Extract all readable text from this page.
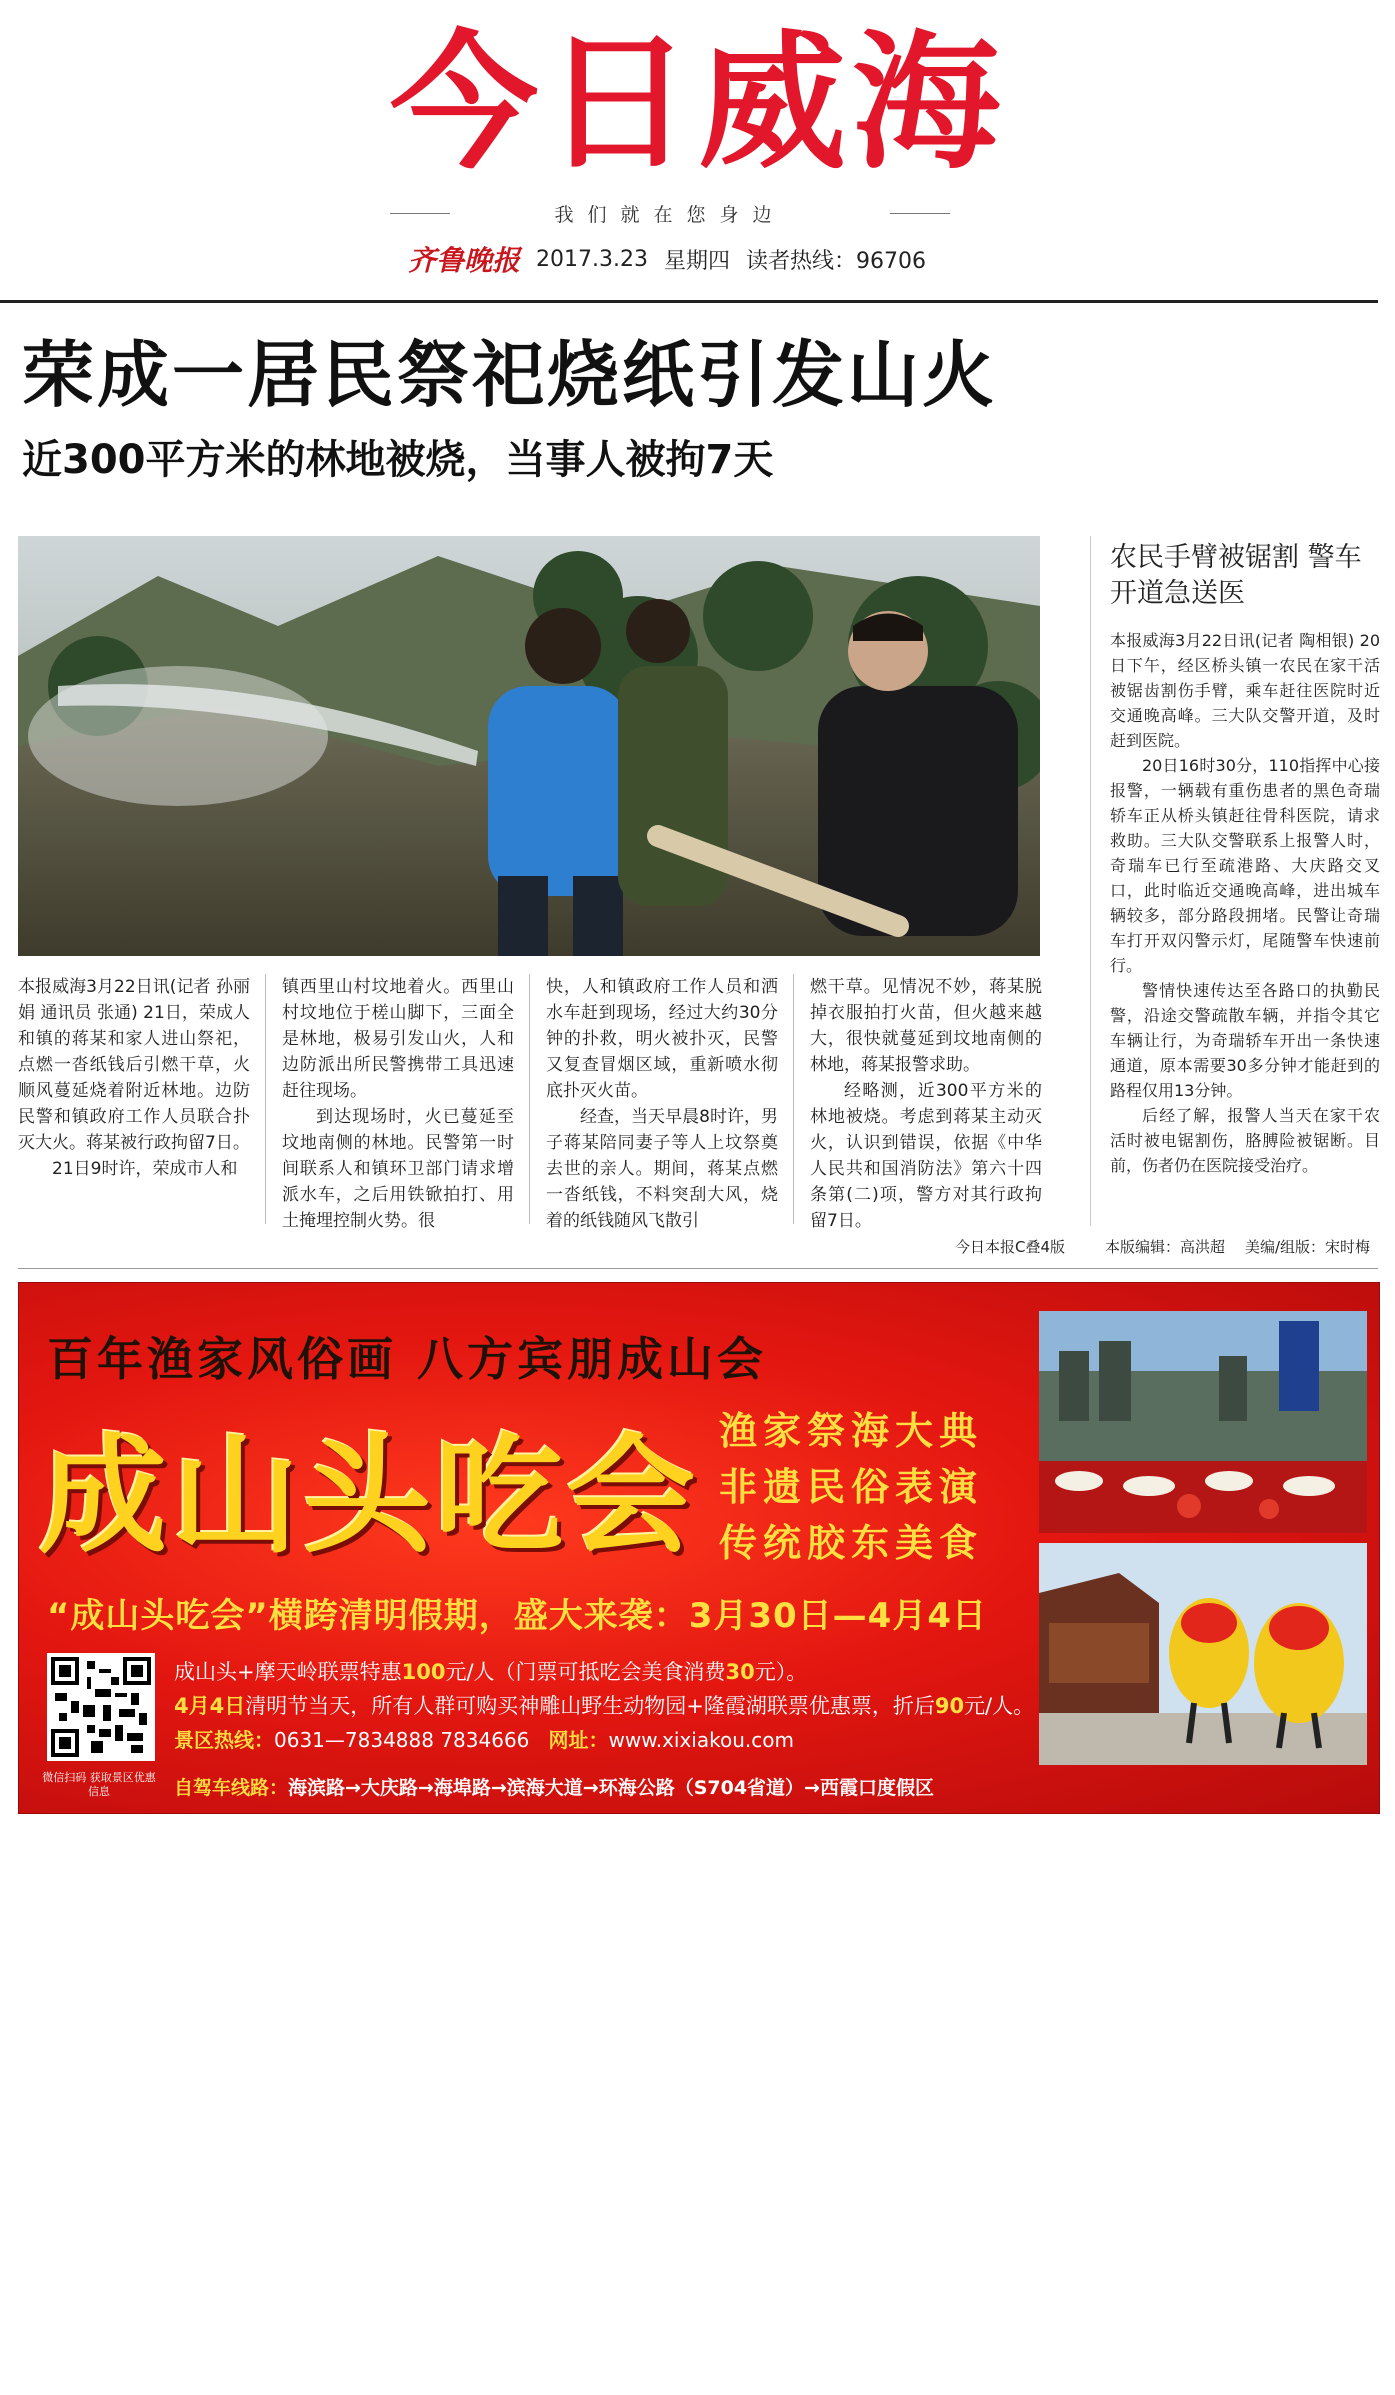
今日威海
我们就在您身边
齐鲁晚报 2017.3.23 星期四 读者热线：96706
荣成一居民祭祀烧纸引发山火
近300平方米的林地被烧，当事人被拘7天

本报威海3月22日讯(记者 孙丽娟 通讯员 张通) 21日，荣成人和镇的蒋某和家人进山祭祀，点燃一沓纸钱后引燃干草，火顺风蔓延烧着附近林地。边防民警和镇政府工作人员联合扑灭大火。蒋某被行政拘留7日。

21日9时许，荣成市人和

镇西里山村坟地着火。西里山村坟地位于槎山脚下，三面全是林地，极易引发山火，人和边防派出所民警携带工具迅速赶往现场。

到达现场时，火已蔓延至坟地南侧的林地。民警第一时间联系人和镇环卫部门请求增派水车，之后用铁锨拍打、用土掩埋控制火势。很

快，人和镇政府工作人员和洒水车赶到现场，经过大约30分钟的扑救，明火被扑灭，民警又复查冒烟区域，重新喷水彻底扑灭火苗。

经查，当天早晨8时许，男子蒋某陪同妻子等人上坟祭奠去世的亲人。期间，蒋某点燃一沓纸钱，不料突刮大风，烧着的纸钱随风飞散引

燃干草。见情况不妙，蒋某脱掉衣服拍打火苗，但火越来越大，很快就蔓延到坟地南侧的林地，蒋某报警求助。

经略测，近300平方米的林地被烧。考虑到蒋某主动灭火，认识到错误，依据《中华人民共和国消防法》第六十四条第(二)项，警方对其行政拘留7日。

农民手臂被锯割 警车开道急送医

本报威海3月22日讯(记者 陶相银) 20日下午，经区桥头镇一农民在家干活被锯齿割伤手臂，乘车赶往医院时近交通晚高峰。三大队交警开道，及时赶到医院。

20日16时30分，110指挥中心接报警，一辆载有重伤患者的黑色奇瑞轿车正从桥头镇赶往骨科医院，请求救助。三大队交警联系上报警人时，奇瑞车已行至疏港路、大庆路交叉口，此时临近交通晚高峰，进出城车辆较多，部分路段拥堵。民警让奇瑞车打开双闪警示灯，尾随警车快速前行。

警情快速传达至各路口的执勤民警，沿途交警疏散车辆，并指令其它车辆让行，为奇瑞轿车开出一条快速通道，原本需要30多分钟才能赶到的路程仅用13分钟。

后经了解，报警人当天在家干农活时被电锯割伤，胳膊险被锯断。目前，伤者仍在医院接受治疗。

今日本报C叠4版	本版编辑：高洪超 美编/组版：宋时梅
百年渔家风俗画 八方宾朋成山会
成山头吃会 渔家祭海大典
非遗民俗表演
传统胶东美食
“成山头吃会”横跨清明假期，盛大来袭：3月30日—4月4日
微信扫码 获取景区优惠信息
成山头+摩天岭联票特惠100元/人（门票可抵吃会美食消费30元）。
4月4日清明节当天，所有人群可购买神雕山野生动物园+隆霞湖联票优惠票，折后90元/人。
景区热线：0631—7834888 7834666 网址：www.xixiakou.com
自驾车线路：海滨路→大庆路→海埠路→滨海大道→环海公路（S704省道）→西霞口度假区
